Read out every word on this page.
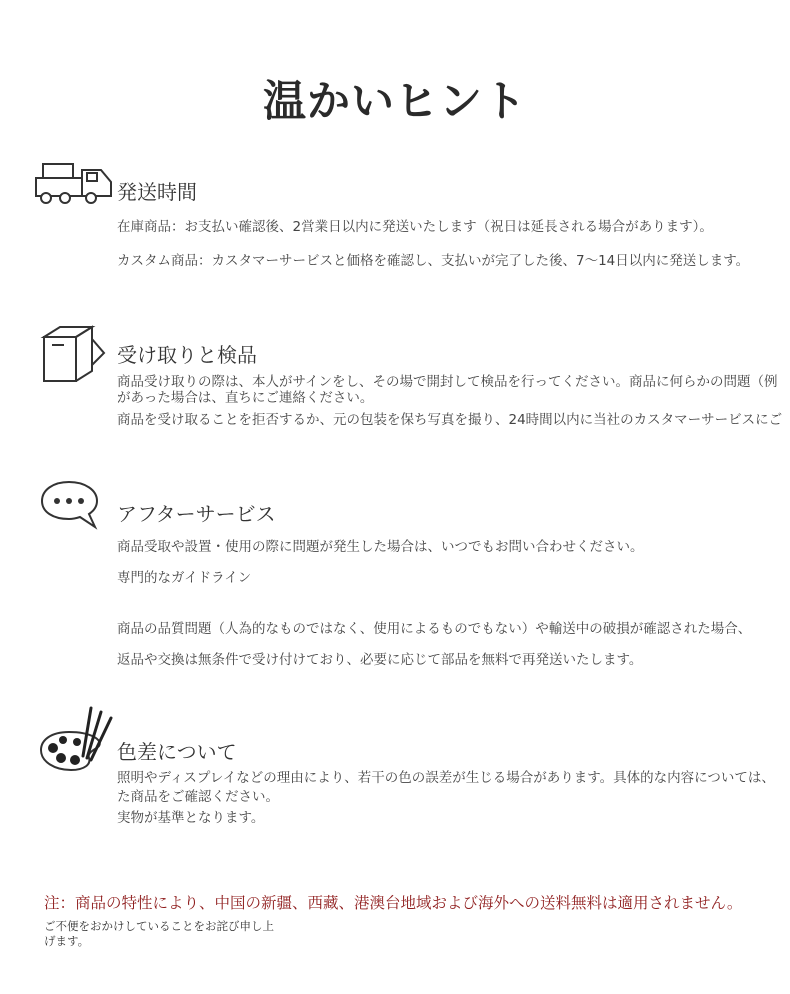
温かいヒント
発送時間
在庫商品：お支払い確認後、2営業日以内に発送いたします（祝日は延長される場合があります）。
カスタム商品：カスタマーサービスと価格を確認し、支払いが完了した後、7〜14日以内に発送します。
受け取りと検品
商品受け取りの際は、本人がサインをし、その場で開封して検品を行ってください。商品に何らかの問題（例
があった場合は、直ちにご連絡ください。
商品を受け取ることを拒否するか、元の包装を保ち写真を撮り、24時間以内に当社のカスタマーサービスにご
アフターサービス
商品受取や設置・使用の際に問題が発生した場合は、いつでもお問い合わせください。
専門的なガイドライン
商品の品質問題（人為的なものではなく、使用によるものでもない）や輸送中の破損が確認された場合、
返品や交換は無条件で受け付けており、必要に応じて部品を無料で再発送いたします。
色差について
照明やディスプレイなどの理由により、若干の色の誤差が生じる場合があります。具体的な内容については、
た商品をご確認ください。
実物が基準となります。
注：商品の特性により、中国の新疆、西藏、港澳台地域および海外への送料無料は適用されません。
ご不便をおかけしていることをお詫び申し上げます。
